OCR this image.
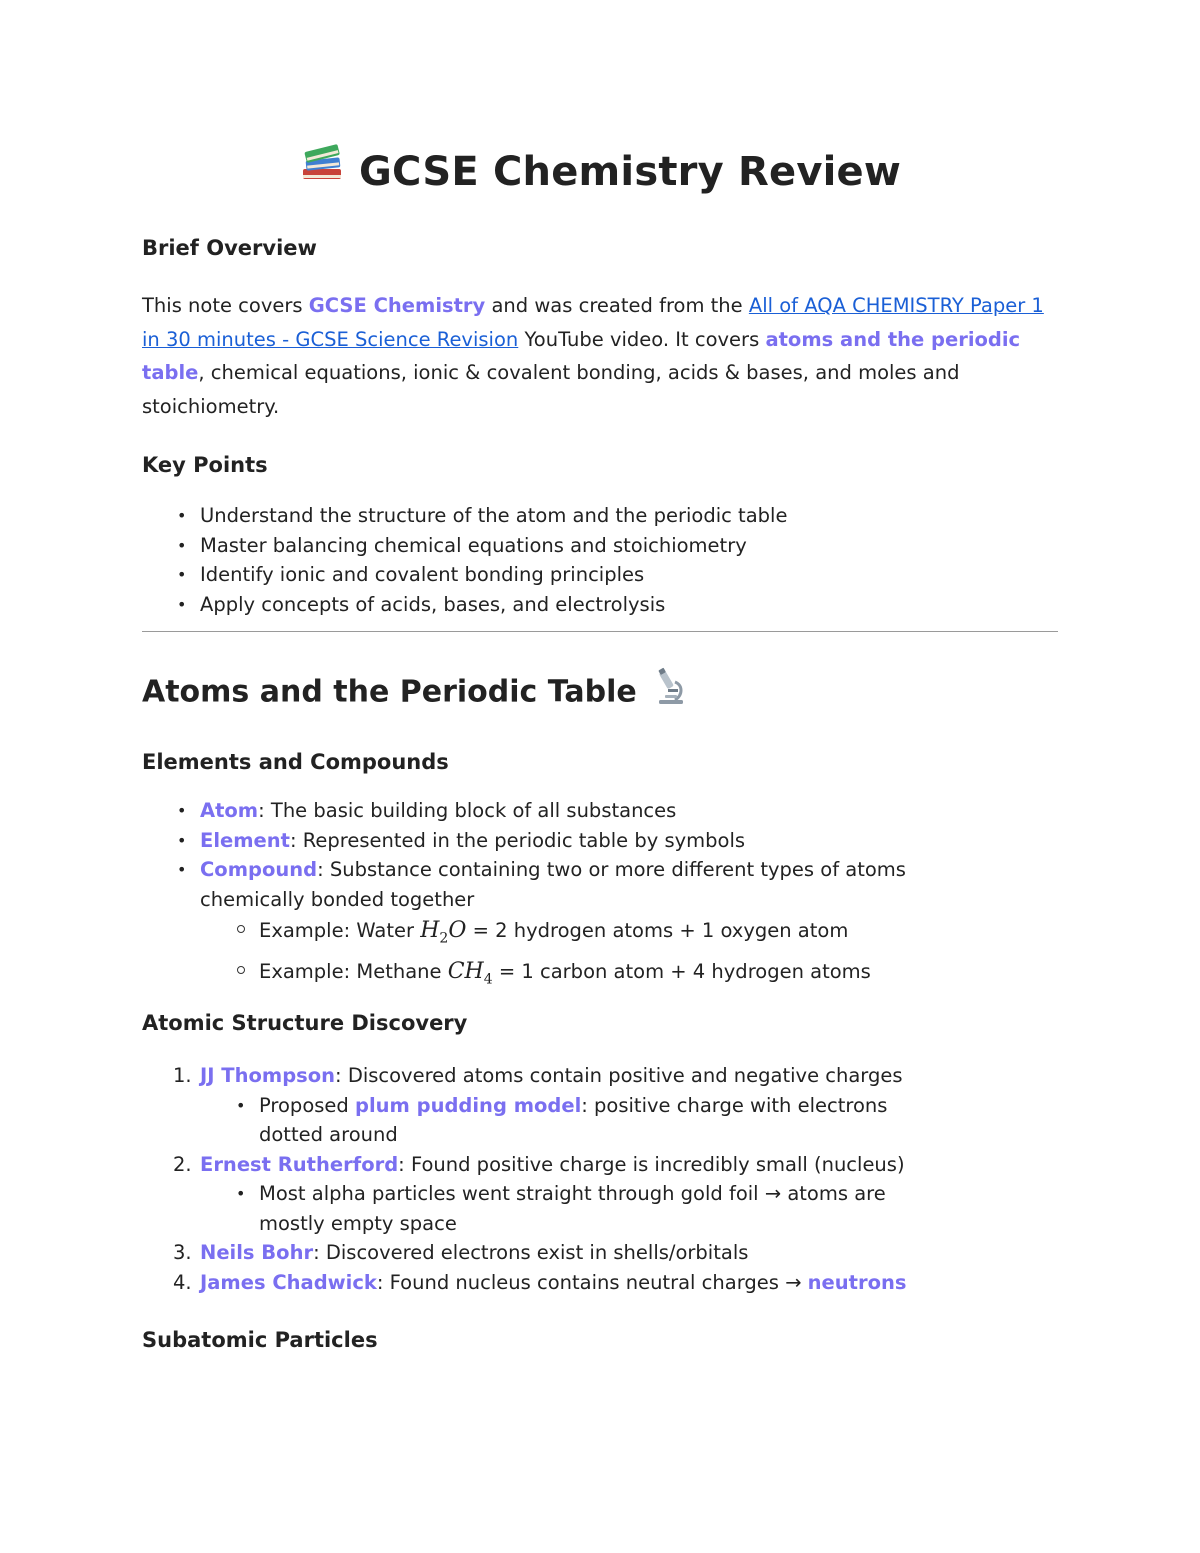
GCSE Chemistry Review
Brief Overview

This note covers GCSE Chemistry and was created from the All of AQA CHEMISTRY Paper 1 in 30 minutes - GCSE Science Revision YouTube video. It covers atoms and the periodic table, chemical equations, ionic & covalent bonding, acids & bases, and moles and stoichiometry.

Key Points
• Understand the structure of the atom and the periodic table
• Master balancing chemical equations and stoichiometry
• Identify ionic and covalent bonding principles
• Apply concepts of acids, bases, and electrolysis
Atoms and the Periodic Table
Elements and Compounds
• Atom: The basic building block of all substances
• Element: Represented in the periodic table by symbols
• Compound: Substance containing two or more different types of atoms chemically bonded together
Example: Water $H_2O = 2$ hydrogen atoms + 1 oxygen atom
Example: Methane $CH_4 = 1$ carbon atom + 4 hydrogen atoms
Atomic Structure Discovery
1. JJ Thompson: Discovered atoms contain positive and negative charges
• Proposed plum pudding model: positive charge with electrons dotted around
2. Ernest Rutherford: Found positive charge is incredibly small (nucleus)
• Most alpha particles went straight through gold foil → atoms are mostly empty space
3. Neils Bohr: Discovered electrons exist in shells/orbitals
4. James Chadwick: Found nucleus contains neutral charges → neutrons
Subatomic Particles
